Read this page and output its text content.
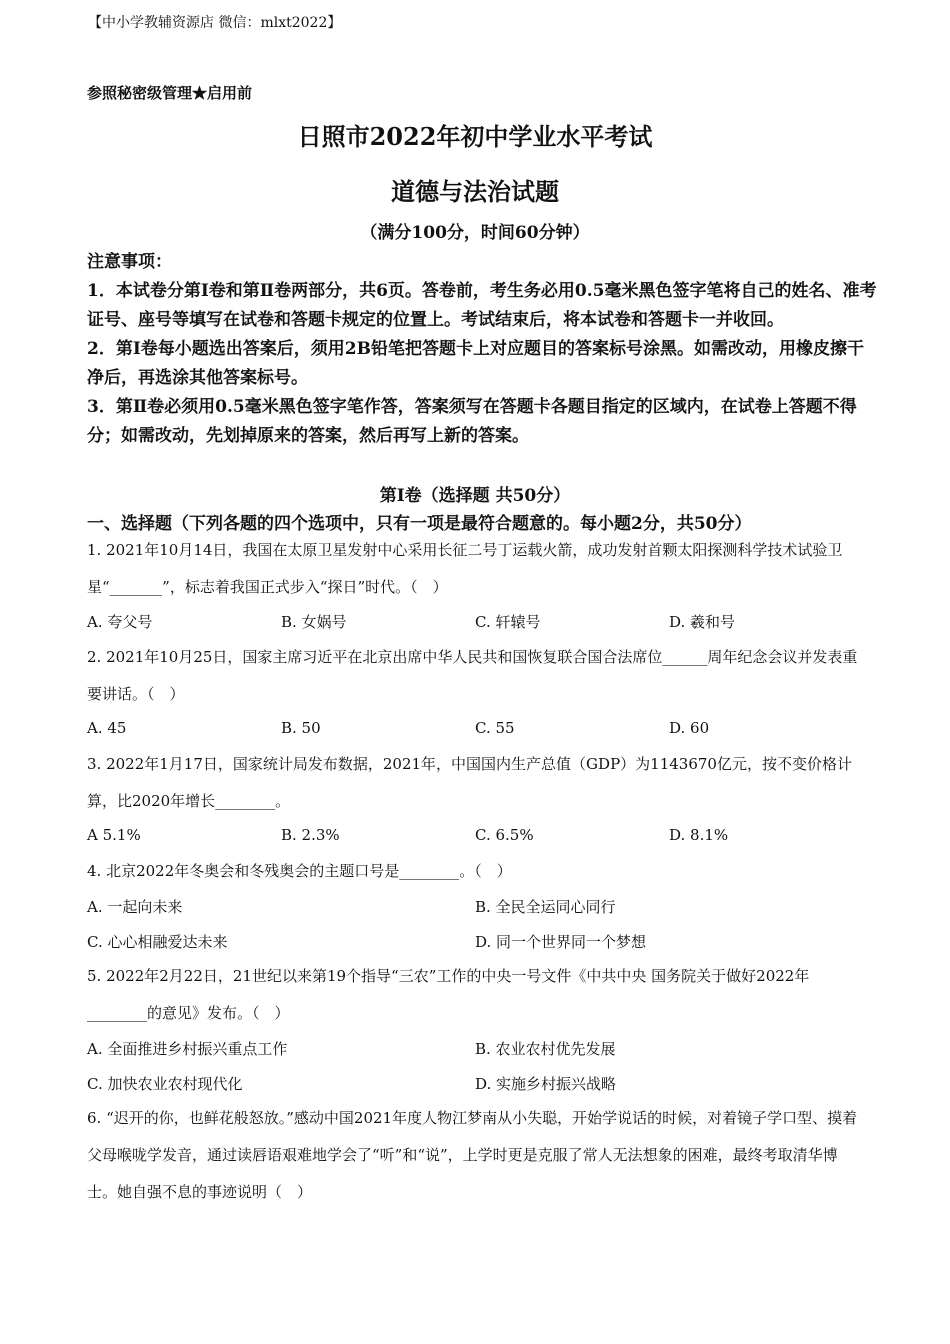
【中小学教辅资源店 微信：mlxt2022】
参照秘密级管理★启用前
日照市2022年初中学业水平考试
道德与法治试题
（满分100分，时间60分钟）

注意事项：

1．本试卷分第Ⅰ卷和第Ⅱ卷两部分，共6页。答卷前，考生务必用0.5毫米黑色签字笔将自己的姓名、准考证号、座号等填写在试卷和答题卡规定的位置上。考试结束后，将本试卷和答题卡一并收回。

2．第Ⅰ卷每小题选出答案后，须用2B铅笔把答题卡上对应题目的答案标号涂黑。如需改动，用橡皮擦干净后，再选涂其他答案标号。

3．第Ⅱ卷必须用0.5毫米黑色签字笔作答，答案须写在答题卡各题目指定的区域内，在试卷上答题不得分；如需改动，先划掉原来的答案，然后再写上新的答案。

第Ⅰ卷（选择题 共50分）
一、选择题（下列各题的四个选项中，只有一项是最符合题意的。每小题2分，共50分）
1. 2021年10月14日，我国在太原卫星发射中心采用长征二号丁运载火箭，成功发射首颗太阳探测科学技术试验卫星“_______”，标志着我国正式步入“探日”时代。（　）
A. 夸父号	B. 女娲号	C. 轩辕号	D. 羲和号
2. 2021年10月25日，国家主席习近平在北京出席中华人民共和国恢复联合国合法席位______周年纪念会议并发表重要讲话。（　）
A. 45	B. 50	C. 55	D. 60
3. 2022年1月17日，国家统计局发布数据，2021年，中国国内生产总值（GDP）为1143670亿元，按不变价格计算，比2020年增长________。
A 5.1%	B. 2.3%	C. 6.5%	D. 8.1%
4. 北京2022年冬奥会和冬残奥会的主题口号是________。（　）
A. 一起向未来	B. 全民全运同心同行
C. 心心相融爱达未来	D. 同一个世界同一个梦想
5. 2022年2月22日，21世纪以来第19个指导“三农”工作的中央一号文件《中共中央 国务院关于做好2022年________的意见》发布。（　）
A. 全面推进乡村振兴重点工作	B. 农业农村优先发展
C. 加快农业农村现代化	D. 实施乡村振兴战略
6. “迟开的你，也鲜花般怒放。”感动中国2021年度人物江梦南从小失聪，开始学说话的时候，对着镜子学口型、摸着父母喉咙学发音，通过读唇语艰难地学会了“听”和“说”，上学时更是克服了常人无法想象的困难，最终考取清华博士。她自强不息的事迹说明（　）
